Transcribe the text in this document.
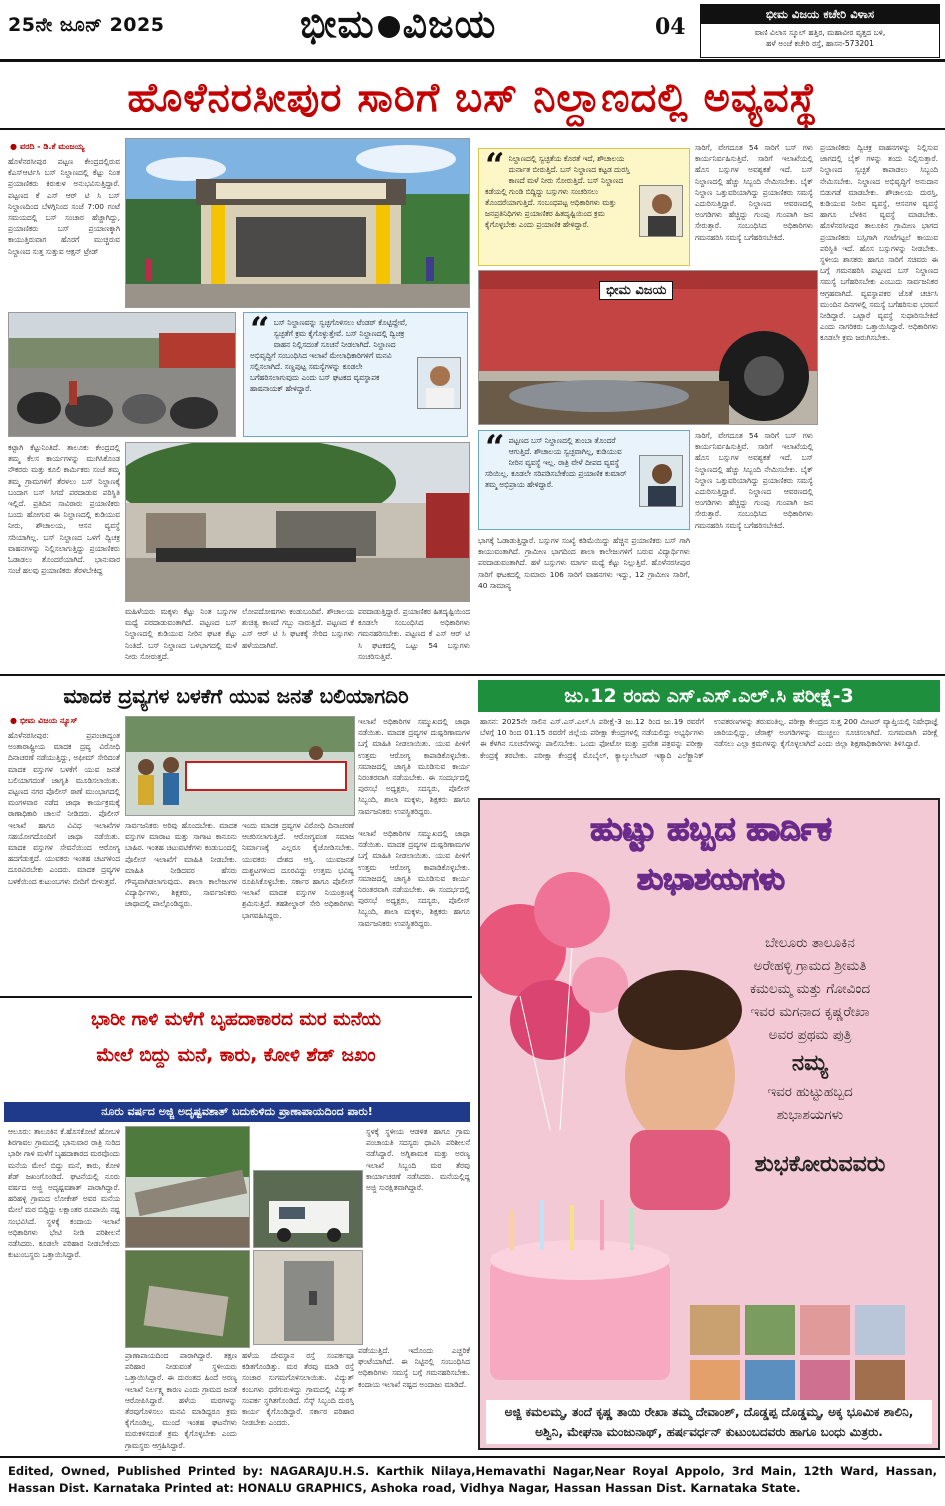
25ನೇ ಜೂನ್ 2025	ಭೀಮ ವಿಜಯ	04	ಭೀಮ ವಿಜಯ ಕಚೇರಿ ವಿಳಾಸ
ವಾಣಿ ವಿಲಾಸ ಸ್ಕೂಲ್ ಹತ್ತಿರ, ಮಹಾವೀರ ವೃತ್ತದ ಬಳಿ,
ಹಳೆ ಅಂಚೆ ಕಚೇರಿ ರಸ್ತೆ, ಹಾಸನ-573201
ಹೊಳೆನರಸೀಪುರ ಸಾರಿಗೆ ಬಸ್ ನಿಲ್ದಾಣದಲ್ಲಿ ಅವ್ಯವಸ್ಥೆ
● ವರದಿ - ಡಿ.ಕೆ ಮಂಜಯ್ಯ
ಹೊಳೆನರಸೀಪುರ ಪಟ್ಟಣ ಕೇಂದ್ರದಲ್ಲಿರುವ ಕೆಎಸ್ಆರ್ಟಿಸಿ ಬಸ್ ನಿಲ್ದಾಣದಲ್ಲಿ ಕೆಟ್ಟು ನಿಂತ ಪ್ರಯಾಣಿಕರು ಕಿರುಕುಳ ಅನುಭವಿಸುತ್ತಿದ್ದಾರೆ. ಪಟ್ಟಣದ ಕೆ ಎಸ್ ಆರ್ ಟಿ ಸಿ ಬಸ್ ನಿಲ್ದಾಣದಿಂದ ಬೆಳಗ್ಗಿನಿಂದ ಸಂಜೆ 7:00 ಗಂಟೆ ಸಮಯದಲ್ಲಿ ಬಸ್ ಸಂಚಾರ ಹೆಚ್ಚಾಗಿದ್ದು, ಪ್ರಯಾಣಿಕರು ಬಸ್ ಪ್ರಯಾಣಕ್ಕಾಗಿ ಕಾಯುತ್ತಿರುವಾಗ ಹೊರಗೆ ಮುಚ್ಚಿರುವ ನಿಲ್ದಾಣದ ಸುತ್ತ ಸುತ್ತುವ ಆಕ್ಷನ್ ಟ್ರೇಡ್
“ ಬಸ್ ನಿಲ್ದಾಣವನ್ನು ಸ್ವಚ್ಛಗೊಳಿಸಲು ಟೆಂಡರ್ ಕೊಟ್ಟಿದ್ದೇವೆ, ಸ್ವಚ್ಛತೆಗೆ ಕ್ರಮ ಕೈಗೊಳ್ಳುತ್ತೇವೆ. ಬಸ್ ನಿಲ್ದಾಣದಲ್ಲಿ ದ್ವಿಚಕ್ರ ವಾಹನ ನಿಲ್ಲಿಸದಂತೆ ಸೂಚನೆ ನೀಡಲಾಗಿದೆ. ನಿಲ್ದಾಣದ ಅಭಿವೃದ್ಧಿಗೆ ಸಂಬಂಧಿಸಿದ ಇಲಾಖೆ ಮೇಲಾಧಿಕಾರಿಗಳಿಗೆ ಮನವಿ ಸಲ್ಲಿಸಲಾಗಿದೆ. ಸಣ್ಣಪುಟ್ಟ ಸಮಸ್ಯೆಗಳನ್ನು ಕೂಡಲೇ ಬಗೆಹರಿಸಲಾಗುವುದು ಎಂದು ಬಸ್ ಘಟಕದ ವ್ಯವಸ್ಥಾಪಕ ಹಾಷನಾಯಕ್ ಹೇಳಿದ್ದಾರೆ.
“ ನಿಲ್ದಾಣದಲ್ಲಿ ಸ್ವಚ್ಛತೆಯ ಕೊರತೆ ಇದೆ, ಶೌಚಾಲಯ ದುರ್ನಾತ ಬೀರುತ್ತಿದೆ. ಬಸ್ ನಿಲ್ದಾಣದ ಕಟ್ಟಡ ದುರಸ್ತಿ ಕಾಣದೆ ಮಳೆ ನೀರು ಸೋರುತ್ತಿದೆ. ಬಸ್ ನಿಲ್ದಾಣದ ಕಡೆಯಲ್ಲಿ ಗುಂಡಿ ಬಿದ್ದಿದ್ದು ಬಸ್ಸುಗಳು ಸಂಚರಿಸಲು ತೊಂದರೆಯಾಗುತ್ತಿದೆ. ಸಂಬಂಧಪಟ್ಟ ಅಧಿಕಾರಿಗಳು ಮತ್ತು ಜನಪ್ರತಿನಿಧಿಗಳು ಪ್ರಯಾಣಿಕರ ಹಿತದೃಷ್ಟಿಯಿಂದ ಕ್ರಮ ಕೈಗೊಳ್ಳಬೇಕು ಎಂದು ಪ್ರಯಾಣಿಕ ಹೇಳಿದ್ದಾರೆ.
ಭೀಮ ವಿಜಯ
ಸಾರಿಗೆ, ವೇಗದೂತ 54 ಸಾರಿಗೆ ಬಸ್ ಗಳು ಕಾರ್ಯನಿರ್ವಹಿಸುತ್ತಿವೆ. ಸಾರಿಗೆ ಇಲಾಖೆಯಲ್ಲಿ ಹೊಸ ಬಸ್ಸುಗಳ ಅವಶ್ಯಕತೆ ಇದೆ. ಬಸ್ ನಿಲ್ದಾಣದಲ್ಲಿ ಹೆಚ್ಚು ಸಿಬ್ಬಂದಿ ನೇಮಿಸಬೇಕು. ಬೈಕ್ ನಿಲ್ದಾಣ ಒತ್ತುವರಿಯಾಗಿದ್ದು ಪ್ರಯಾಣಿಕರು ಸಮಸ್ಯೆ ಎದುರಿಸುತ್ತಿದ್ದಾರೆ. ನಿಲ್ದಾಣದ ಆವರಣದಲ್ಲಿ ಅಂಗಡಿಗಳು ಹೆಚ್ಚಿದ್ದು ಗುಂಪು ಗುಂಪಾಗಿ ಜನ ಸೇರುತ್ತಾರೆ. ಸಂಬಂಧಿಸಿದ ಅಧಿಕಾರಿಗಳು ಗಮನಹರಿಸಿ ಸಮಸ್ಯೆ ಬಗೆಹರಿಸಬೇಕಿದೆ.
ಪ್ರಯಾಣಿಕರು ದ್ವಿಚಕ್ರ ವಾಹನಗಳನ್ನು ನಿಲ್ಲಿಸುವ ಜಾಗದಲ್ಲಿ ಬೈಕ್ ಗಳನ್ನು ತಂದು ನಿಲ್ಲಿಸುತ್ತಾರೆ. ನಿಲ್ದಾಣದ ಸ್ವಚ್ಛತೆ ಕಾಪಾಡಲು ಸಿಬ್ಬಂದಿ ನೇಮಿಸಬೇಕು. ನಿಲ್ದಾಣದ ಅಭಿವೃದ್ಧಿಗೆ ಅನುದಾನ ಬಿಡುಗಡೆ ಮಾಡಬೇಕು. ಶೌಚಾಲಯ ದುರಸ್ತಿ, ಕುಡಿಯುವ ನೀರಿನ ವ್ಯವಸ್ಥೆ, ಆಸನಗಳ ವ್ಯವಸ್ಥೆ ಹಾಗೂ ಬೆಳಕಿನ ವ್ಯವಸ್ಥೆ ಮಾಡಬೇಕು. ಹೊಳೆನರಸೀಪುರ ತಾಲೂಕಿನ ಗ್ರಾಮೀಣ ಭಾಗದ ಪ್ರಯಾಣಿಕರು ಬಸ್ಸಿಗಾಗಿ ಗಂಟೆಗಟ್ಟಲೆ ಕಾಯುವ ಪರಿಸ್ಥಿತಿ ಇದೆ. ಹೊಸ ಬಸ್ಸುಗಳನ್ನು ನೀಡಬೇಕು. ಸ್ಥಳೀಯ ಶಾಸಕರು ಹಾಗೂ ಸಾರಿಗೆ ಸಚಿವರು ಈ ಬಗ್ಗೆ ಗಮನಹರಿಸಿ ಪಟ್ಟಣದ ಬಸ್ ನಿಲ್ದಾಣದ ಸಮಸ್ಯೆ ಬಗೆಹರಿಸಬೇಕು ಎಂಬುದು ಸಾರ್ವಜನಿಕರ ಆಗ್ರಹವಾಗಿದೆ. ವ್ಯವಸ್ಥಾಪಕರ ಜೊತೆ ಚರ್ಚಿಸಿ ಮುಂದಿನ ದಿನಗಳಲ್ಲಿ ಸಮಸ್ಯೆ ಬಗೆಹರಿಸುವ ಭರವಸೆ ನೀಡಿದ್ದಾರೆ. ಒಟ್ಟಾರೆ ವ್ಯವಸ್ಥೆ ಸುಧಾರಿಸಬೇಕಿದೆ ಎಂದು ನಾಗರಿಕರು ಒತ್ತಾಯಿಸಿದ್ದಾರೆ. ಅಧಿಕಾರಿಗಳು ಕೂಡಲೇ ಕ್ರಮ ಜರುಗಿಸಬೇಕು.
ಕಟ್ಟಾಗಿ ಕೆಟ್ಟುನಿಂತಿದೆ. ತಾಲೂಕು ಕೇಂದ್ರದಲ್ಲಿ ತಮ್ಮ ಕೆಲಸ ಕಾರ್ಯಗಳನ್ನು ಮುಗಿಸಿಕೊಂಡ ನೌಕರರು ಮತ್ತು ಕೂಲಿ ಕಾರ್ಮಿಕರು ಸಂಜೆ ತಮ್ಮ ತಮ್ಮ ಗ್ರಾಮಗಳಿಗೆ ತೆರಳಲು ಬಸ್ ನಿಲ್ದಾಣಕ್ಕೆ ಬಂದಾಗ ಬಸ್ ಸಿಗದೆ ಪರದಾಡುವ ಪರಿಸ್ಥಿತಿ ಇಲ್ಲಿದೆ. ಪ್ರತಿದಿನ ಸಾವಿರಾರು ಪ್ರಯಾಣಿಕರು ಬಂದು ಹೋಗುವ ಈ ನಿಲ್ದಾಣದಲ್ಲಿ ಕುಡಿಯುವ ನೀರು, ಶೌಚಾಲಯ, ಆಸನ ವ್ಯವಸ್ಥೆ ಸರಿಯಾಗಿಲ್ಲ. ಬಸ್ ನಿಲ್ದಾಣದ ಒಳಗೆ ದ್ವಿಚಕ್ರ ವಾಹನಗಳನ್ನು ನಿಲ್ಲಿಸಲಾಗುತ್ತಿದ್ದು ಪ್ರಯಾಣಿಕರು ಓಡಾಡಲು ತೊಂದರೆಯಾಗಿದೆ. ಭಾನುವಾರ ಸಂಜೆ ಹಲವು ಪ್ರಯಾಣಿಕರು ತೆರಳಬೇಕಿದ್ದ
“ ಪಟ್ಟಣದ ಬಸ್ ನಿಲ್ದಾಣದಲ್ಲಿ ತುಂಬಾ ತೊಂದರೆ ಆಗುತ್ತಿದೆ. ಶೌಚಾಲಯ ಸ್ವಚ್ಛವಾಗಿಲ್ಲ, ಕುಡಿಯುವ ನೀರಿನ ವ್ಯವಸ್ಥೆ ಇಲ್ಲ. ರಾತ್ರಿ ವೇಳೆ ದೀಪದ ವ್ಯವಸ್ಥೆ ಸರಿಯಿಲ್ಲ. ಕೂಡಲೇ ಸರಿಪಡಿಸಬೇಕೆಂದು ಪ್ರಯಾಣಿಕ ಕುಮಾರ್ ತಮ್ಮ ಅಭಿಪ್ರಾಯ ಹೇಳಿದ್ದಾರೆ.
ಸಾರಿಗೆ, ವೇಗದೂತ 54 ಸಾರಿಗೆ ಬಸ್ ಗಳು ಕಾರ್ಯನಿರ್ವಹಿಸುತ್ತಿವೆ. ಸಾರಿಗೆ ಇಲಾಖೆಯಲ್ಲಿ ಹೊಸ ಬಸ್ಸುಗಳ ಅವಶ್ಯಕತೆ ಇದೆ. ಬಸ್ ನಿಲ್ದಾಣದಲ್ಲಿ ಹೆಚ್ಚು ಸಿಬ್ಬಂದಿ ನೇಮಿಸಬೇಕು. ಬೈಕ್ ನಿಲ್ದಾಣ ಒತ್ತುವರಿಯಾಗಿದ್ದು ಪ್ರಯಾಣಿಕರು ಸಮಸ್ಯೆ ಎದುರಿಸುತ್ತಿದ್ದಾರೆ. ನಿಲ್ದಾಣದ ಆವರಣದಲ್ಲಿ ಅಂಗಡಿಗಳು ಹೆಚ್ಚಿದ್ದು ಗುಂಪು ಗುಂಪಾಗಿ ಜನ ಸೇರುತ್ತಾರೆ. ಸಂಬಂಧಿಸಿದ ಅಧಿಕಾರಿಗಳು ಗಮನಹರಿಸಿ ಸಮಸ್ಯೆ ಬಗೆಹರಿಸಬೇಕಿದೆ.
ಭಾಗಕ್ಕೆ ಓಡಾಡುತ್ತಿದ್ದಾರೆ. ಬಸ್ಸುಗಳ ಸಂಖ್ಯೆ ಕಡಿಮೆಯಿದ್ದು ಹೆಚ್ಚಿನ ಪ್ರಯಾಣಿಕರು ಬಸ್ ಗಾಗಿ ಕಾಯುವಂತಾಗಿದೆ. ಗ್ರಾಮೀಣ ಭಾಗದಿಂದ ಶಾಲಾ ಕಾಲೇಜುಗಳಿಗೆ ಬರುವ ವಿದ್ಯಾರ್ಥಿಗಳು ಪರದಾಡುವಂತಾಗಿದೆ. ಹಳೆ ಬಸ್ಸುಗಳು ಮಾರ್ಗ ಮಧ್ಯೆ ಕೆಟ್ಟು ನಿಲ್ಲುತ್ತಿವೆ. ಹೊಳೆನರಸೀಪುರ ಸಾರಿಗೆ ಘಟಕದಲ್ಲಿ ಸುಮಾರು 106 ಸಾರಿಗೆ ವಾಹನಗಳು ಇದ್ದು, 12 ಗ್ರಾಮೀಣ ಸಾರಿಗೆ, 40 ಸಾಮಾನ್ಯ
ಮಹಿಳೆಯರು ಮಕ್ಕಳು ಕೆಟ್ಟು ನಿಂತ ಬಸ್ಸುಗಳ ಮಧ್ಯೆ ಪರದಾಡುವಂತಾಗಿದೆ. ಪಟ್ಟಣದ ಬಸ್ ನಿಲ್ದಾಣದಲ್ಲಿ ಕುಡಿಯುವ ನೀರಿನ ಘಟಕ ಕೆಟ್ಟು ನಿಂತಿದೆ. ಬಸ್ ನಿಲ್ದಾಣದ ಒಳಭಾಗದಲ್ಲಿ ಮಳೆ ನೀರು ಸೋರುತ್ತದೆ.
ಲೋಪದೋಷಗಳು ಕಂಡುಬಂದಿವೆ. ಶೌಚಾಲಯ ಶುಚಿತ್ವ ಕಾಣದೆ ಗಬ್ಬು ನಾರುತ್ತಿದೆ. ಪಟ್ಟಣದ ಕೆ ಎಸ್ ಆರ್ ಟಿ ಸಿ ಘಟಕಕ್ಕೆ ಸೇರಿದ ಬಸ್ಸುಗಳು ಹಳೆಯದಾಗಿವೆ.
ಪರದಾಡುತ್ತಿದ್ದಾರೆ. ಪ್ರಯಾಣಿಕರ ಹಿತದೃಷ್ಟಿಯಿಂದ ಕೂಡಲೇ ಸಂಬಂಧಿಸಿದ ಅಧಿಕಾರಿಗಳು ಗಮನಹರಿಸಬೇಕು. ಪಟ್ಟಣದ ಕೆ ಎಸ್ ಆರ್ ಟಿ ಸಿ ಘಟಕದಲ್ಲಿ ಒಟ್ಟು 54 ಬಸ್ಸುಗಳು ಸಂಚರಿಸುತ್ತಿವೆ.
ಮಾದಕ ದ್ರವ್ಯಗಳ ಬಳಕೆಗೆ ಯುವ ಜನತೆ ಬಲಿಯಾಗದಿರಿ
● ಭೀಮ ವಿಜಯ ನ್ಯೂಸ್
ಹೊಳೆನರಸೀಪುರ: ಪ್ರಪಂಚಾದ್ಯಂತ ಅಂತಾರಾಷ್ಟ್ರೀಯ ಮಾದಕ ದ್ರವ್ಯ ವಿರೋಧಿ ದಿನಾಚರಣೆ ನಡೆಯುತ್ತಿದ್ದು, ಅಫೀಮ್ ಸೇರಿದಂತೆ ಮಾದಕ ವಸ್ತುಗಳ ಬಳಕೆಗೆ ಯುವ ಜನತೆ ಬಲಿಯಾಗದಂತೆ ಜಾಗೃತಿ ಮೂಡಿಸಲಾಯಿತು. ಪಟ್ಟಣದ ನಗರ ಪೊಲೀಸ್ ಠಾಣೆ ಮುಂಭಾಗದಲ್ಲಿ ಮಂಗಳವಾರ ನಡೆದ ಜಾಥಾ ಕಾರ್ಯಕ್ರಮಕ್ಕೆ ಠಾಣಾಧಿಕಾರಿ ಚಾಲನೆ ನೀಡಿದರು. ಪೊಲೀಸ್ ಇಲಾಖೆ ಹಾಗೂ ವಿವಿಧ ಇಲಾಖೆಗಳ ಸಹಯೋಗದೊಂದಿಗೆ ಜಾಥಾ ನಡೆಯಿತು. ಮಾದಕ ವಸ್ತುಗಳ ಸೇವನೆಯಿಂದ ಆರೋಗ್ಯ ಹದಗೆಡುತ್ತದೆ. ಯುವಕರು ಇಂತಹ ಚಟಗಳಿಂದ ದೂರವಿರಬೇಕು ಎಂದರು. ಮಾದಕ ದ್ರವ್ಯಗಳ ಬಳಕೆಯಿಂದ ಕುಟುಂಬಗಳು ಬೀದಿಗೆ ಬೀಳುತ್ತವೆ.
ಇಲಾಖೆ ಅಧಿಕಾರಿಗಳ ಸಮ್ಮುಖದಲ್ಲಿ ಜಾಥಾ ನಡೆಯಿತು. ಮಾದಕ ದ್ರವ್ಯಗಳ ದುಷ್ಪರಿಣಾಮಗಳ ಬಗ್ಗೆ ಮಾಹಿತಿ ನೀಡಲಾಯಿತು. ಯುವ ಪೀಳಿಗೆ ಉತ್ತಮ ಆರೋಗ್ಯ ಕಾಪಾಡಿಕೊಳ್ಳಬೇಕು. ಸಮಾಜದಲ್ಲಿ ಜಾಗೃತಿ ಮೂಡಿಸುವ ಕಾರ್ಯ ನಿರಂತರವಾಗಿ ನಡೆಯಬೇಕು. ಈ ಸಂದರ್ಭದಲ್ಲಿ ಪುರಸಭೆ ಅಧ್ಯಕ್ಷರು, ಸದಸ್ಯರು, ಪೊಲೀಸ್ ಸಿಬ್ಬಂದಿ, ಶಾಲಾ ಮಕ್ಕಳು, ಶಿಕ್ಷಕರು ಹಾಗೂ ಸಾರ್ವಜನಿಕರು ಉಪಸ್ಥಿತರಿದ್ದರು.
ಸಾರ್ವಜನಿಕರು ಅರಿವು ಹೊಂದಬೇಕು. ಮಾದಕ ವಸ್ತುಗಳ ಮಾರಾಟ ಮತ್ತು ಸಾಗಾಟ ಕಾನೂನು ಬಾಹಿರ. ಇಂತಹ ಚಟುವಟಿಕೆಗಳು ಕಂಡುಬಂದಲ್ಲಿ ಪೊಲೀಸ್ ಇಲಾಖೆಗೆ ಮಾಹಿತಿ ನೀಡಬೇಕು. ಮಾಹಿತಿ ನೀಡಿದವರ ಹೆಸರು ಗೌಪ್ಯವಾಗಿಡಲಾಗುವುದು. ಶಾಲಾ ಕಾಲೇಜುಗಳ ವಿದ್ಯಾರ್ಥಿಗಳು, ಶಿಕ್ಷಕರು, ಸಾರ್ವಜನಿಕರು ಜಾಥಾದಲ್ಲಿ ಪಾಲ್ಗೊಂಡಿದ್ದರು.
ಇಂದು ಮಾದಕ ದ್ರವ್ಯಗಳ ವಿರೋಧಿ ದಿನಾಚರಣೆ ಆಚರಿಸಲಾಗುತ್ತಿದೆ. ಆರೋಗ್ಯವಂತ ಸಮಾಜ ನಿರ್ಮಾಣಕ್ಕೆ ಎಲ್ಲರೂ ಕೈಜೋಡಿಸಬೇಕು. ಯುವಕರು ದೇಶದ ಆಸ್ತಿ. ಯುವಜನತೆ ದುಶ್ಚಟಗಳಿಂದ ದೂರವಿದ್ದು ಉತ್ತಮ ಭವಿಷ್ಯ ರೂಪಿಸಿಕೊಳ್ಳಬೇಕು. ಸರ್ಕಾರ ಹಾಗೂ ಪೊಲೀಸ್ ಇಲಾಖೆ ಮಾದಕ ವಸ್ತುಗಳ ನಿಯಂತ್ರಣಕ್ಕೆ ಶ್ರಮಿಸುತ್ತಿದೆ. ತಹಶೀಲ್ದಾರ್ ಸೇರಿ ಅಧಿಕಾರಿಗಳು ಭಾಗವಹಿಸಿದ್ದರು.
ಇಲಾಖೆ ಅಧಿಕಾರಿಗಳ ಸಮ್ಮುಖದಲ್ಲಿ ಜಾಥಾ ನಡೆಯಿತು. ಮಾದಕ ದ್ರವ್ಯಗಳ ದುಷ್ಪರಿಣಾಮಗಳ ಬಗ್ಗೆ ಮಾಹಿತಿ ನೀಡಲಾಯಿತು. ಯುವ ಪೀಳಿಗೆ ಉತ್ತಮ ಆರೋಗ್ಯ ಕಾಪಾಡಿಕೊಳ್ಳಬೇಕು. ಸಮಾಜದಲ್ಲಿ ಜಾಗೃತಿ ಮೂಡಿಸುವ ಕಾರ್ಯ ನಿರಂತರವಾಗಿ ನಡೆಯಬೇಕು. ಈ ಸಂದರ್ಭದಲ್ಲಿ ಪುರಸಭೆ ಅಧ್ಯಕ್ಷರು, ಸದಸ್ಯರು, ಪೊಲೀಸ್ ಸಿಬ್ಬಂದಿ, ಶಾಲಾ ಮಕ್ಕಳು, ಶಿಕ್ಷಕರು ಹಾಗೂ ಸಾರ್ವಜನಿಕರು ಉಪಸ್ಥಿತರಿದ್ದರು.
ಭಾರೀ ಗಾಳಿ ಮಳೆಗೆ ಬೃಹದಾಕಾರದ ಮರ ಮನೆಯ
ಮೇಲೆ ಬಿದ್ದು ಮನೆ, ಕಾರು, ಕೋಳಿ ಶೆಡ್ ಜಖಂ
ನೂರು ವರ್ಷದ ಅಜ್ಜಿ ಅದೃಷ್ಟವಶಾತ್ ಬದುಕುಳಿದು ಪ್ರಾಣಾಪಾಯದಿಂದ ಪಾರು!
ಆಲೂರು: ತಾಲೂಕಿನ ಕೆ.ಹೊಸಕೋಟೆ ಹೋಬಳಿ ಶಿರಗಾವಲ ಗ್ರಾಮದಲ್ಲಿ ಭಾನುವಾರ ರಾತ್ರಿ ಸುರಿದ ಭಾರೀ ಗಾಳಿ ಮಳೆಗೆ ಬೃಹದಾಕಾರದ ಮರವೊಂದು ಮನೆಯ ಮೇಲೆ ಬಿದ್ದು ಮನೆ, ಕಾರು, ಕೋಳಿ ಶೆಡ್ ಜಖಂಗೊಂಡಿದೆ. ಘಟನೆಯಲ್ಲಿ ನೂರು ವರ್ಷದ ಅಜ್ಜಿ ಅದೃಷ್ಟವಶಾತ್ ಪಾರಾಗಿದ್ದಾರೆ. ಹರಿಹಳ್ಳಿ ಗ್ರಾಮದ ಲೋಕೇಶ್ ಅವರ ಮನೆಯ ಮೇಲೆ ಮರ ಬಿದ್ದಿದ್ದು ಲಕ್ಷಾಂತರ ರೂಪಾಯಿ ನಷ್ಟ ಸಂಭವಿಸಿದೆ. ಸ್ಥಳಕ್ಕೆ ಕಂದಾಯ ಇಲಾಖೆ ಅಧಿಕಾರಿಗಳು ಭೇಟಿ ನೀಡಿ ಪರಿಶೀಲನೆ ನಡೆಸಿದರು. ಕೂಡಲೇ ಪರಿಹಾರ ನೀಡಬೇಕೆಂದು ಕುಟುಂಬಸ್ಥರು ಒತ್ತಾಯಿಸಿದ್ದಾರೆ.
ಸ್ಥಳಕ್ಕೆ ಸ್ಥಳೀಯ ಆಡಳಿತ ಹಾಗೂ ಗ್ರಾಮ ಪಂಚಾಯತಿ ಸದಸ್ಯರು ಧಾವಿಸಿ ಪರಿಶೀಲನೆ ನಡೆಸಿದ್ದಾರೆ. ಅಗ್ನಿಶಾಮಕ ಮತ್ತು ಅರಣ್ಯ ಇಲಾಖೆ ಸಿಬ್ಬಂದಿ ಮರ ತೆರವು ಕಾರ್ಯಾಚರಣೆ ನಡೆಸಿದರು. ಮನೆಯಲ್ಲಿದ್ದ ಅಜ್ಜಿ ಸುರಕ್ಷಿತವಾಗಿದ್ದಾರೆ.
ಪ್ರಾಣಾಪಾಯದಿಂದ ಪಾರಾಗಿದ್ದಾರೆ. ತಕ್ಷಣ ಪರಿಹಾರ ನೀಡುವಂತೆ ಸ್ಥಳೀಯರು ಒತ್ತಾಯಿಸಿದ್ದಾರೆ. ಈ ದುರಂತದ ಹಿಂದೆ ಅರಣ್ಯ ಇಲಾಖೆ ನಿರ್ಲಕ್ಷ್ಯ ಕಾರಣ ಎಂದು ಗ್ರಾಮದ ಜನತೆ ಆರೋಪಿಸಿದ್ದಾರೆ. ಹಳೆಯ ಮರಗಳನ್ನು ತೆರವುಗೊಳಿಸಲು ಮನವಿ ಮಾಡಿದ್ದರೂ ಕ್ರಮ ಕೈಗೊಂಡಿಲ್ಲ. ಮುಂದೆ ಇಂತಹ ಘಟನೆಗಳು ಮರುಕಳಿಸದಂತೆ ಕ್ರಮ ಕೈಗೊಳ್ಳಬೇಕು ಎಂದು ಗ್ರಾಮಸ್ಥರು ಆಗ್ರಹಿಸಿದ್ದಾರೆ.
ಹಳೆಯ ದೇವಸ್ಥಾನ ರಸ್ತೆ ಸಂಪರ್ಕವೂ ಕಡಿತಗೊಂಡಿತ್ತು. ಮರ ತೆರವು ಮಾಡಿ ರಸ್ತೆ ಸಂಚಾರ ಸುಗಮಗೊಳಿಸಲಾಯಿತು. ವಿದ್ಯುತ್ ಕಂಬಗಳು ಧರೆಗುರುಳಿದ್ದು ಗ್ರಾಮದಲ್ಲಿ ವಿದ್ಯುತ್ ಸಂಪರ್ಕ ಸ್ಥಗಿತಗೊಂಡಿದೆ. ಸೆಸ್ಕ್ ಸಿಬ್ಬಂದಿ ದುರಸ್ತಿ ಕಾರ್ಯ ಕೈಗೊಂಡಿದ್ದಾರೆ. ಸರ್ಕಾರ ಪರಿಹಾರ ನೀಡಬೇಕು ಎಂದರು.
ಪಡೆಯುತ್ತಿದೆ. ಇದೊಂದು ಎಚ್ಚರಿಕೆ ಘಂಟೆಯಾಗಿದೆ. ಈ ನಿಟ್ಟಿನಲ್ಲಿ ಸಂಬಂಧಿಸಿದ ಅಧಿಕಾರಿಗಳು ಸಮಸ್ಯೆ ಬಗ್ಗೆ ಗಮನಹರಿಸಬೇಕು. ಕಂದಾಯ ಇಲಾಖೆ ನಷ್ಟದ ಅಂದಾಜು ಮಾಡಿದೆ.
ಜು.12 ರಂದು ಎಸ್.ಎಸ್.ಎಲ್.ಸಿ ಪರೀಕ್ಷೆ-3
ಹಾಸನ: 2025ನೇ ಸಾಲಿನ ಎಸ್.ಎಸ್.ಎಲ್.ಸಿ ಪರೀಕ್ಷೆ-3 ಜು.12 ರಿಂದ ಜು.19 ರವರೆಗೆ ಬೆಳಗ್ಗೆ 10 ರಿಂದ 01.15 ರವರೆಗೆ ಜಿಲ್ಲೆಯ ಪರೀಕ್ಷಾ ಕೇಂದ್ರಗಳಲ್ಲಿ ನಡೆಯಲಿದ್ದು ಅಭ್ಯರ್ಥಿಗಳು ಈ ಕೆಳಗಿನ ಸೂಚನೆಗಳನ್ನು ಪಾಲಿಸಬೇಕು. ಒಂದು ಫೋಟೋ ಮತ್ತು ಪ್ರವೇಶ ಪತ್ರವನ್ನು ಪರೀಕ್ಷಾ ಕೇಂದ್ರಕ್ಕೆ ತರಬೇಕು. ಪರೀಕ್ಷಾ ಕೇಂದ್ರಕ್ಕೆ ಮೊಬೈಲ್, ಕ್ಯಾಲ್ಕುಲೇಟರ್ ಇತ್ಯಾದಿ ಎಲೆಕ್ಟ್ರಾನಿಕ್ ಉಪಕರಣಗಳನ್ನು ತರುವಂತಿಲ್ಲ. ಪರೀಕ್ಷಾ ಕೇಂದ್ರದ ಸುತ್ತ 200 ಮೀಟರ್ ವ್ಯಾಪ್ತಿಯಲ್ಲಿ ನಿಷೇಧಾಜ್ಞೆ ಜಾರಿಯಲ್ಲಿದ್ದು, ಜೆರಾಕ್ಸ್ ಅಂಗಡಿಗಳನ್ನು ಮುಚ್ಚಲು ಸೂಚಿಸಲಾಗಿದೆ. ಸುಗಮವಾಗಿ ಪರೀಕ್ಷೆ ನಡೆಸಲು ಎಲ್ಲಾ ಕ್ರಮಗಳನ್ನು ಕೈಗೊಳ್ಳಲಾಗಿದೆ ಎಂದು ಜಿಲ್ಲಾ ಶಿಕ್ಷಣಾಧಿಕಾರಿಗಳು ತಿಳಿಸಿದ್ದಾರೆ.
ಹುಟ್ಟು ಹಬ್ಬದ ಹಾರ್ದಿಕ
ಶುಭಾಶಯಗಳು
ಬೇಲೂರು ತಾಲೂಕಿನ
ಅರೇಹಳ್ಳಿ ಗ್ರಾಮದ ಶ್ರೀಮತಿ
ಕಮಲಮ್ಮ ಮತ್ತು ಗೋವಿಂದ
ಇವರ ಮಗನಾದ ಕೃಷ್ಣರೇಖಾ
ಅವರ ಪ್ರಥಮ ಪುತ್ರಿ
ನಮ್ಯ
ಇವರ ಹುಟ್ಟುಹಬ್ಬದ
ಶುಭಾಶಯಗಳು
ಶುಭಕೋರುವವರು
ಅಜ್ಜಿ ಕಮಲಮ್ಮ, ತಂದೆ ಕೃಷ್ಣ ತಾಯಿ ರೇಖಾ ತಮ್ಮ ದೇವಾಂಶ್, ದೊಡ್ಡಪ್ಪ ದೊಡ್ಡಮ್ಮ, ಅಕ್ಕ ಭೂಮಿಕ ಶಾಲಿನಿ, ಅಶ್ವಿನಿ, ಮೇಘನಾ ಮಂಜುನಾಥ್, ಹರ್ಷವರ್ಧನ್ ಕುಟುಂಬದವರು ಹಾಗೂ ಬಂಧು ಮಿತ್ರರು.
Edited, Owned, Published Printed by: NAGARAJU.H.S. Karthik Nilaya,Hemavathi Nagar,Near Royal Appolo, 3rd Main, 12th Ward, Hassan, Hassan Dist. Karnataka Printed at: HONALU GRAPHICS, Ashoka road, Vidhya Nagar, Hassan Hassan Dist. Karnataka State.
